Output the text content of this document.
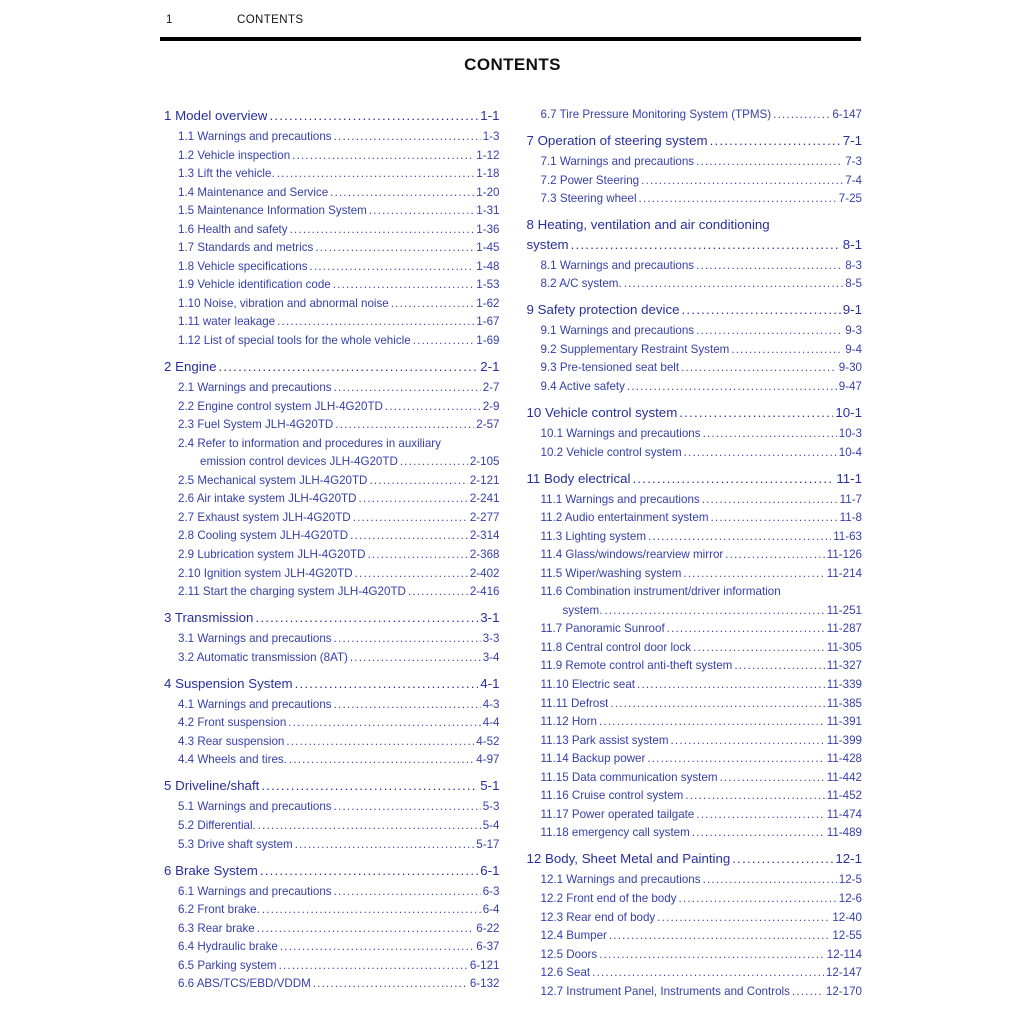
1	CONTENTS
CONTENTS
1 Model overview .....	1-1
1.1 Warnings and precautions .....	1-3
1.2 Vehicle inspection .....	1-12
1.3 Lift the vehicle. .....	1-18
1.4 Maintenance and Service .....	1-20
1.5 Maintenance Information System .....	1-31
1.6 Health and safety .....	1-36
1.7 Standards and metrics .....	1-45
1.8 Vehicle specifications .....	1-48
1.9 Vehicle identification code .....	1-53
1.10 Noise, vibration and abnormal noise .....	1-62
1.11 water leakage .....	1-67
1.12 List of special tools for the whole vehicle .....	1-69
2 Engine .....	2-1
2.1 Warnings and precautions .....	2-7
2.2 Engine control system JLH-4G20TD .....	2-9
2.3 Fuel System JLH-4G20TD .....	2-57
2.4 Refer to information and procedures in auxiliary
emission control devices JLH-4G20TD .....	2-105
2.5 Mechanical system JLH-4G20TD .....	2-121
2.6 Air intake system JLH-4G20TD .....	2-241
2.7 Exhaust system JLH-4G20TD .....	2-277
2.8 Cooling system JLH-4G20TD .....	2-314
2.9 Lubrication system JLH-4G20TD .....	2-368
2.10 Ignition system JLH-4G20TD .....	2-402
2.11 Start the charging system JLH-4G20TD .....	2-416
3 Transmission .....	3-1
3.1 Warnings and precautions .....	3-3
3.2 Automatic transmission (8AT) .....	3-4
4 Suspension System .....	4-1
4.1 Warnings and precautions .....	4-3
4.2 Front suspension .....	4-4
4.3 Rear suspension .....	4-52
4.4 Wheels and tires. .....	4-97
5 Driveline/shaft .....	5-1
5.1 Warnings and precautions .....	5-3
5.2 Differential. .....	5-4
5.3 Drive shaft system .....	5-17
6 Brake System .....	6-1
6.1 Warnings and precautions .....	6-3
6.2 Front brake. .....	6-4
6.3 Rear brake .....	6-22
6.4 Hydraulic brake .....	6-37
6.5 Parking system .....	6-121
6.6 ABS/TCS/EBD/VDDM .....	6-132
6.7 Tire Pressure Monitoring System (TPMS) .....	6-147
7 Operation of steering system .....	7-1
7.1 Warnings and precautions .....	7-3
7.2 Power Steering .....	7-4
7.3 Steering wheel .....	7-25
8 Heating, ventilation and air conditioning
system .....	8-1
8.1 Warnings and precautions .....	8-3
8.2 A/C system. .....	8-5
9 Safety protection device .....	9-1
9.1 Warnings and precautions .....	9-3
9.2 Supplementary Restraint System .....	9-4
9.3 Pre-tensioned seat belt .....	9-30
9.4 Active safety .....	9-47
10 Vehicle control system .....	10-1
10.1 Warnings and precautions .....	10-3
10.2 Vehicle control system .....	10-4
11 Body electrical .....	11-1
11.1 Warnings and precautions .....	11-7
11.2 Audio entertainment system .....	11-8
11.3 Lighting system .....	11-63
11.4 Glass/windows/rearview mirror .....	11-126
11.5 Wiper/washing system .....	11-214
11.6 Combination instrument/driver information
system. .....	11-251
11.7 Panoramic Sunroof .....	11-287
11.8 Central control door lock .....	11-305
11.9 Remote control anti-theft system .....	11-327
11.10 Electric seat .....	11-339
11.11 Defrost .....	11-385
11.12 Horn .....	11-391
11.13 Park assist system .....	11-399
11.14 Backup power .....	11-428
11.15 Data communication system .....	11-442
11.16 Cruise control system .....	11-452
11.17 Power operated tailgate .....	11-474
11.18 emergency call system .....	11-489
12 Body, Sheet Metal and Painting .....	12-1
12.1 Warnings and precautions .....	12-5
12.2 Front end of the body .....	12-6
12.3 Rear end of body .....	12-40
12.4 Bumper .....	12-55
12.5 Doors .....	12-114
12.6 Seat .....	12-147
12.7 Instrument Panel, Instruments and Controls .....	12-170
